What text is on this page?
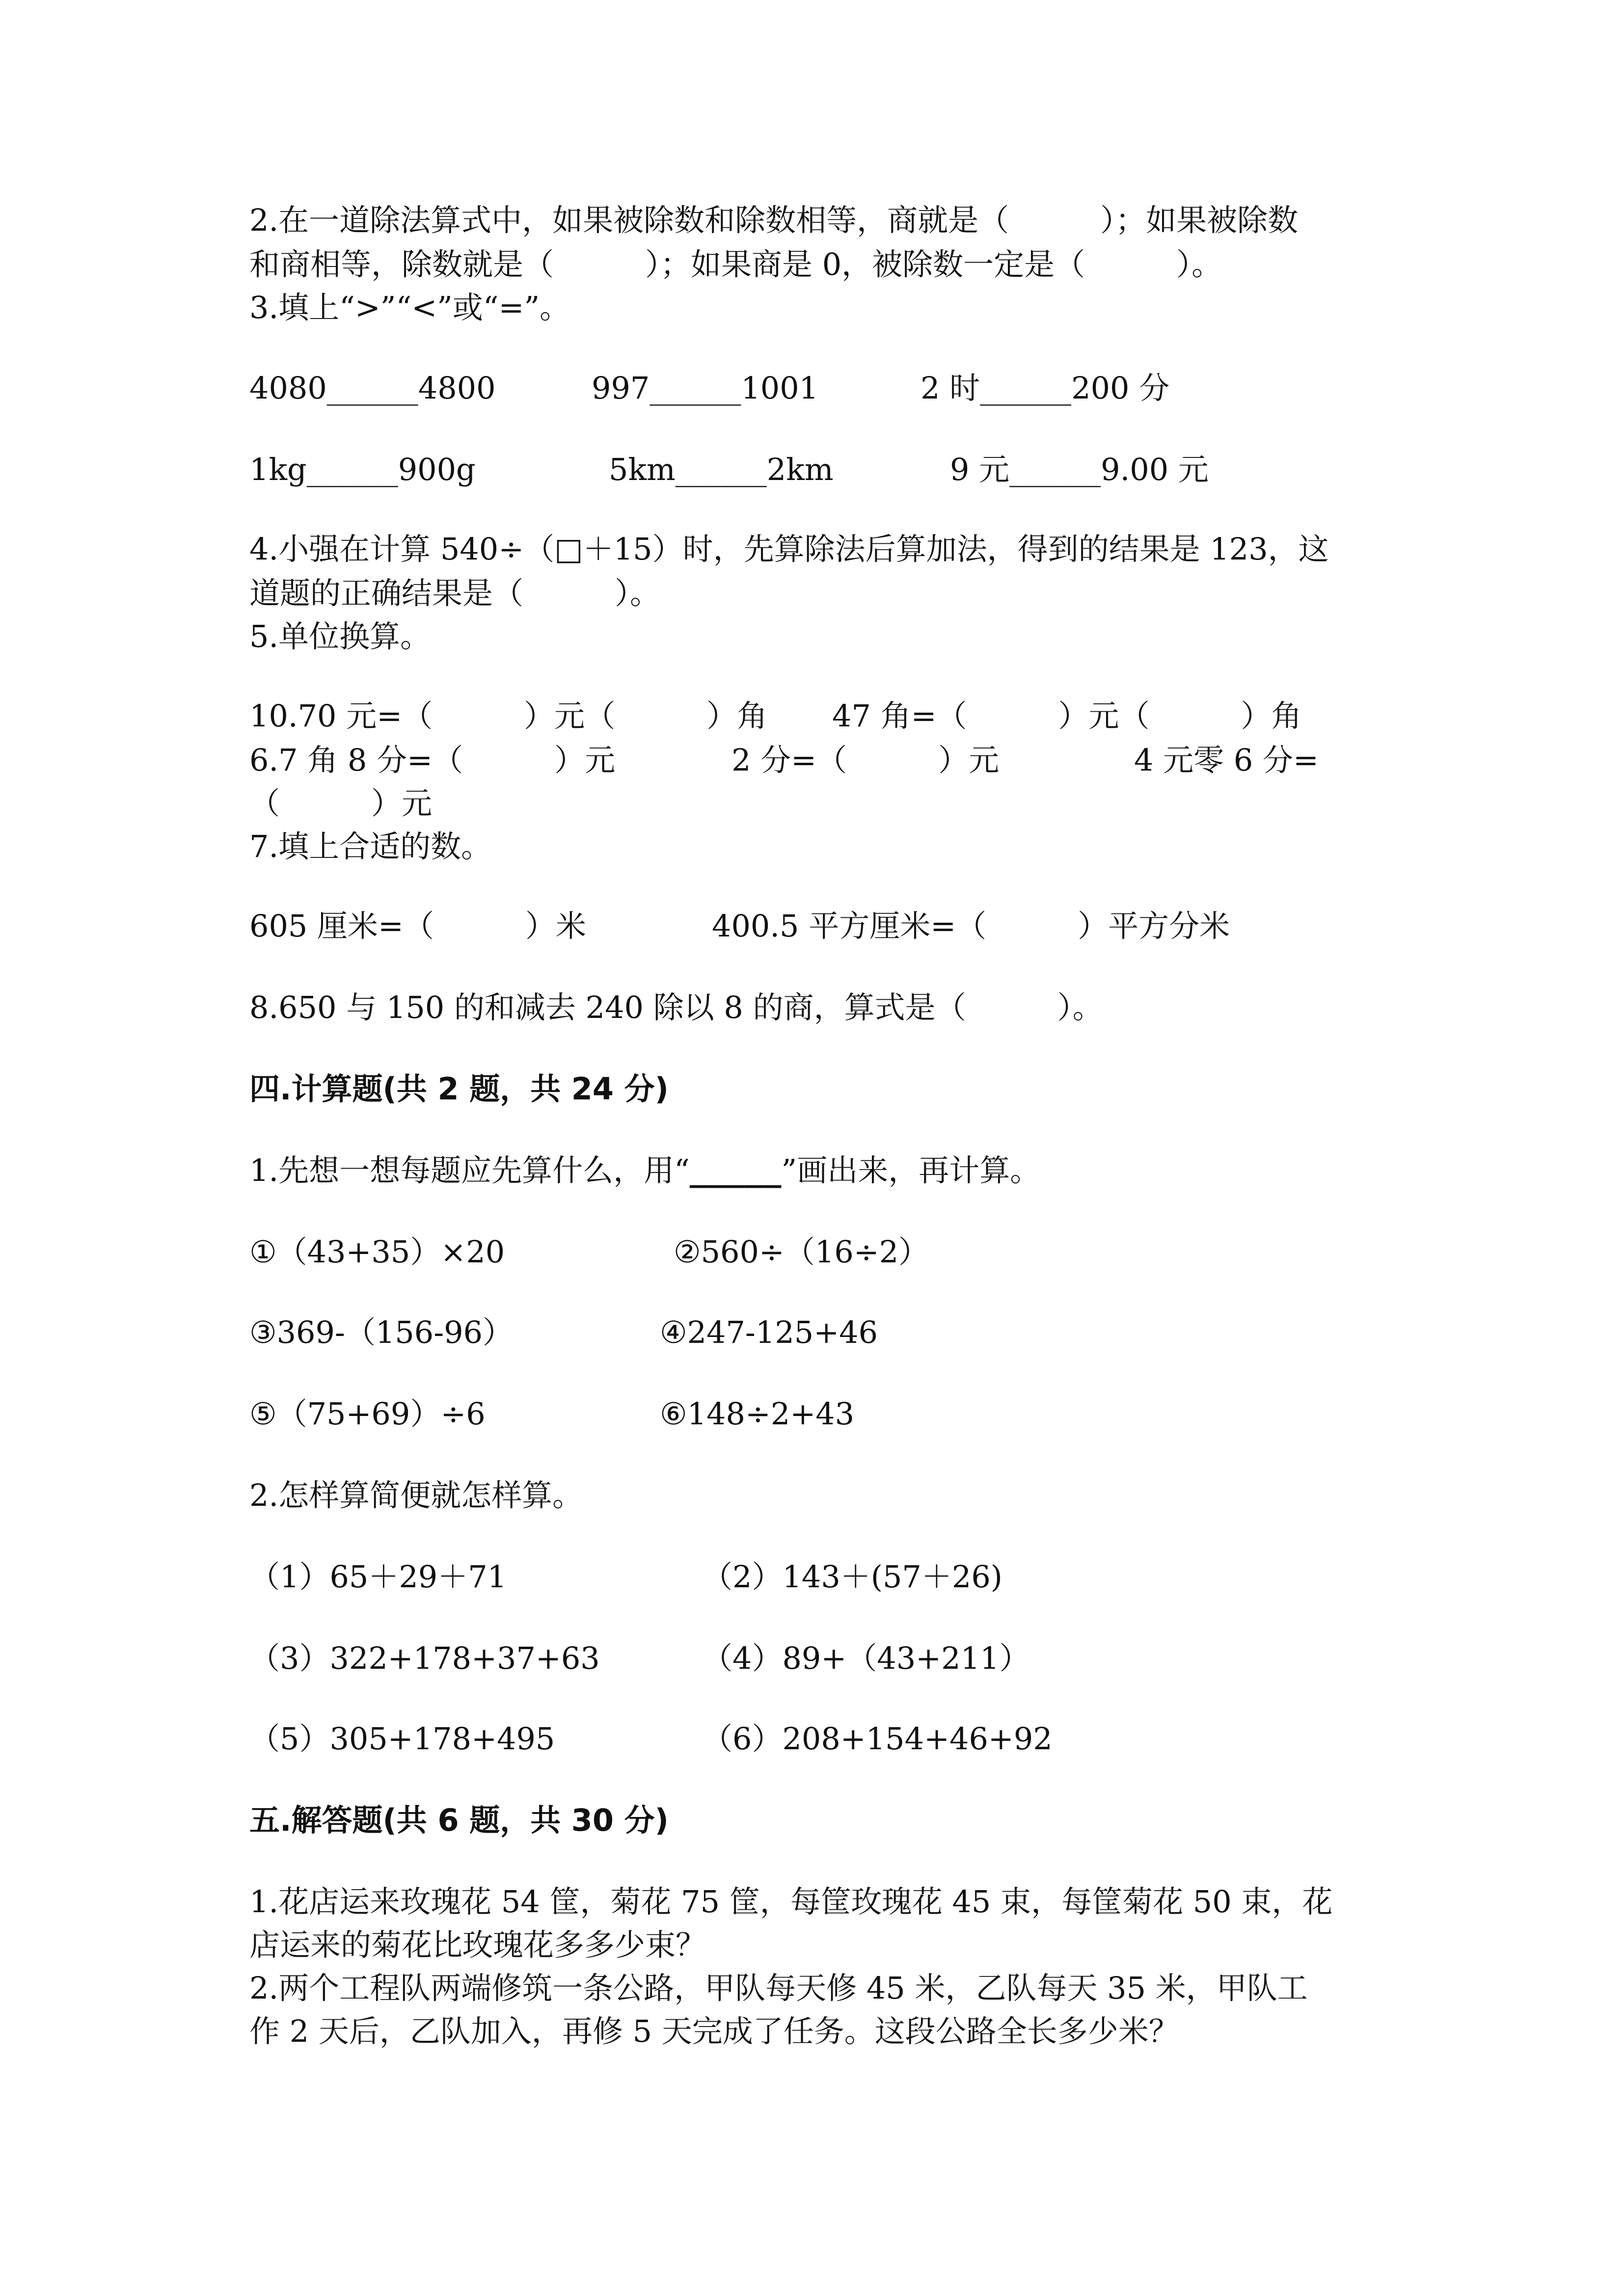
2.在一道除法算式中，如果被除数和除数相等，商就是（　　　）；如果被除数
和商相等，除数就是（　　　）；如果商是 0，被除数一定是（　　　）。
3.填上“>”“<”或“=”。
4080______4800	997______1001	2 时______200 分
1kg______900g	5km______2km	9 元______9.00 元
4.小强在计算 540÷（□＋15）时，先算除法后算加法，得到的结果是 123，这
道题的正确结果是（　　　）。
5.单位换算。
10.70 元=（　　　）元（　　　）角 47 角=（　　　）元（　　　）角
6.7 角 8 分=（　　　）元	2 分=（　　　）元	4 元零 6 分=
（　　　）元
7.填上合适的数。
605 厘米=（　　　）米	400.5 平方厘米=（　　　）平方分米
8.650 与 150 的和减去 240 除以 8 的商，算式是（　　　）。
四.计算题(共 2 题，共 24 分)
1.先想一想每题应先算什么，用“_____”画出来，再计算。
①（43+35）×20	②560÷（16÷2）
③369-（156-96）	④247-125+46
⑤（75+69）÷6	⑥148÷2+43
2.怎样算简便就怎样算。
（1）65＋29＋71	（2）143＋(57＋26)
（3）322+178+37+63	（4）89+（43+211）
（5）305+178+495	（6）208+154+46+92
五.解答题(共 6 题，共 30 分)
1.花店运来玫瑰花 54 筐，菊花 75 筐，每筐玫瑰花 45 束，每筐菊花 50 束，花
店运来的菊花比玫瑰花多多少束？
2.两个工程队两端修筑一条公路，甲队每天修 45 米，乙队每天 35 米，甲队工
作 2 天后，乙队加入，再修 5 天完成了任务。这段公路全长多少米？
